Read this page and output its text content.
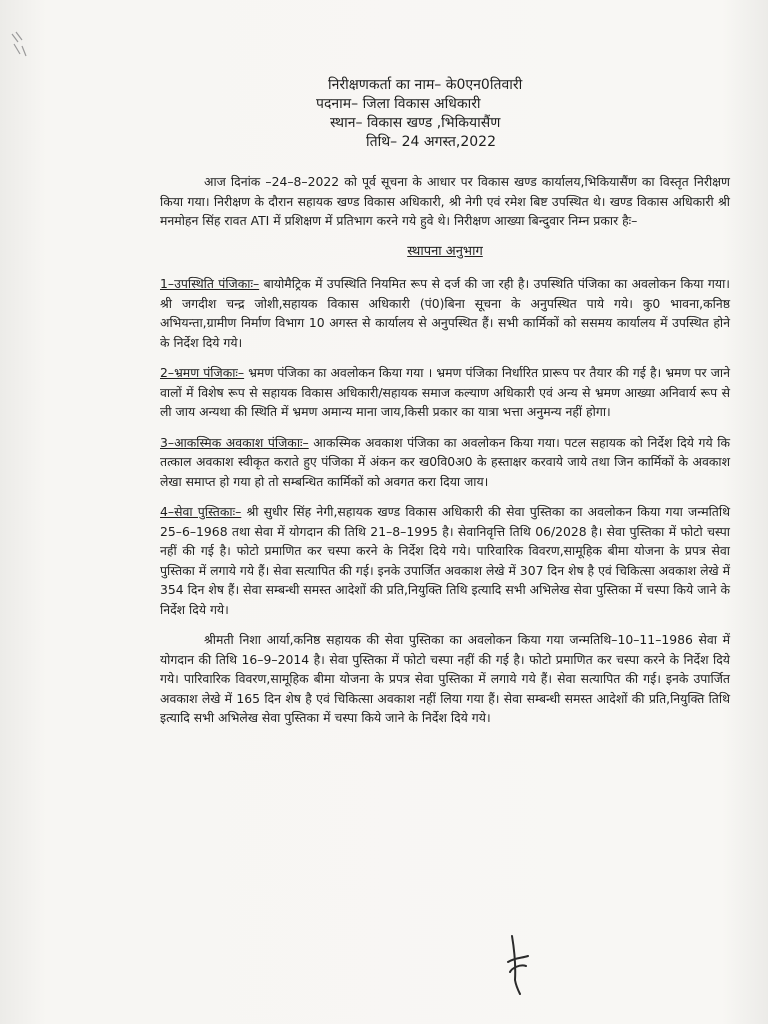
निरीक्षणकर्ता का नाम– के0एन0तिवारी
पदनाम– जिला विकास अधिकारी
स्थान– विकास खण्ड ,भिकियासैंण
तिथि– 24 अगस्त,2022

आज दिनांक –24–8–2022 को पूर्व सूचना के आधार पर विकास खण्ड कार्यालय,भिकियासैंण का विस्तृत निरीक्षण किया गया। निरीक्षण के दौरान सहायक खण्ड विकास अधिकारी, श्री नेगी एवं रमेश बिष्ट उपस्थित थे। खण्ड विकास अधिकारी श्री मनमोहन सिंह रावत ATI में प्रशिक्षण में प्रतिभाग करने गये हुवे थे। निरीक्षण आख्या बिन्दुवार निम्न प्रकार हैः–

स्थापना अनुभाग

1–उपस्थिति पंजिकाः– बायोमैट्रिक में उपस्थिति नियमित रूप से दर्ज की जा रही है। उपस्थिति पंजिका का अवलोकन किया गया। श्री जगदीश चन्द्र जोशी,सहायक विकास अधिकारी (पं0)बिना सूचना के अनुपस्थित पाये गये। कु0 भावना,कनिष्ठ अभियन्ता,ग्रामीण निर्माण विभाग 10 अगस्त से कार्यालय से अनुपस्थित हैं। सभी कार्मिकों को ससमय कार्यालय में उपस्थित होने के निर्देश दिये गये।

2–भ्रमण पंजिकाः– भ्रमण पंजिका का अवलोकन किया गया । भ्रमण पंजिका निर्धारित प्रारूप पर तैयार की गई है। भ्रमण पर जाने वालों में विशेष रूप से सहायक विकास अधिकारी/सहायक समाज कल्याण अधिकारी एवं अन्य से भ्रमण आख्या अनिवार्य रूप से ली जाय अन्यथा की स्थिति में भ्रमण अमान्य माना जाय,किसी प्रकार का यात्रा भत्ता अनुमन्य नहीं होगा।

3–आकस्मिक अवकाश पंजिकाः– आकस्मिक अवकाश पंजिका का अवलोकन किया गया। पटल सहायक को निर्देश दिये गये कि तत्काल अवकाश स्वीकृत कराते हुए पंजिका में अंकन कर ख0वि0अ0 के हस्ताक्षर करवाये जाये तथा जिन कार्मिकों के अवकाश लेखा समाप्त हो गया हो तो सम्बन्धित कार्मिकों को अवगत करा दिया जाय।

4–सेवा पुस्तिकाः– श्री सुधीर सिंह नेगी,सहायक खण्ड विकास अधिकारी की सेवा पुस्तिका का अवलोकन किया गया जन्मतिथि 25–6–1968 तथा सेवा में योगदान की तिथि 21–8–1995 है। सेवानिवृत्ति तिथि 06/2028 है। सेवा पुस्तिका में फोटो चस्पा नहीं की गई है। फोटो प्रमाणित कर चस्पा करने के निर्देश दिये गये। पारिवारिक विवरण,सामूहिक बीमा योजना के प्रपत्र सेवा पुस्तिका में लगाये गये हैं। सेवा सत्यापित की गई। इनके उपार्जित अवकाश लेखे में 307 दिन शेष है एवं चिकित्सा अवकाश लेखे में 354 दिन शेष हैं। सेवा सम्बन्धी समस्त आदेशों की प्रति,नियुक्ति तिथि इत्यादि सभी अभिलेख सेवा पुस्तिका में चस्पा किये जाने के निर्देश दिये गये।

श्रीमती निशा आर्या,कनिष्ठ सहायक की सेवा पुस्तिका का अवलोकन किया गया जन्मतिथि–10–11–1986 सेवा में योगदान की तिथि 16–9–2014 है। सेवा पुस्तिका में फोटो चस्पा नहीं की गई है। फोटो प्रमाणित कर चस्पा करने के निर्देश दिये गये। पारिवारिक विवरण,सामूहिक बीमा योजना के प्रपत्र सेवा पुस्तिका में लगाये गये हैं। सेवा सत्यापित की गई। इनके उपार्जित अवकाश लेखे में 165 दिन शेष है एवं चिकित्सा अवकाश नहीं लिया गया हैं। सेवा सम्बन्धी समस्त आदेशों की प्रति,नियुक्ति तिथि इत्यादि सभी अभिलेख सेवा पुस्तिका में चस्पा किये जाने के निर्देश दिये गये।
